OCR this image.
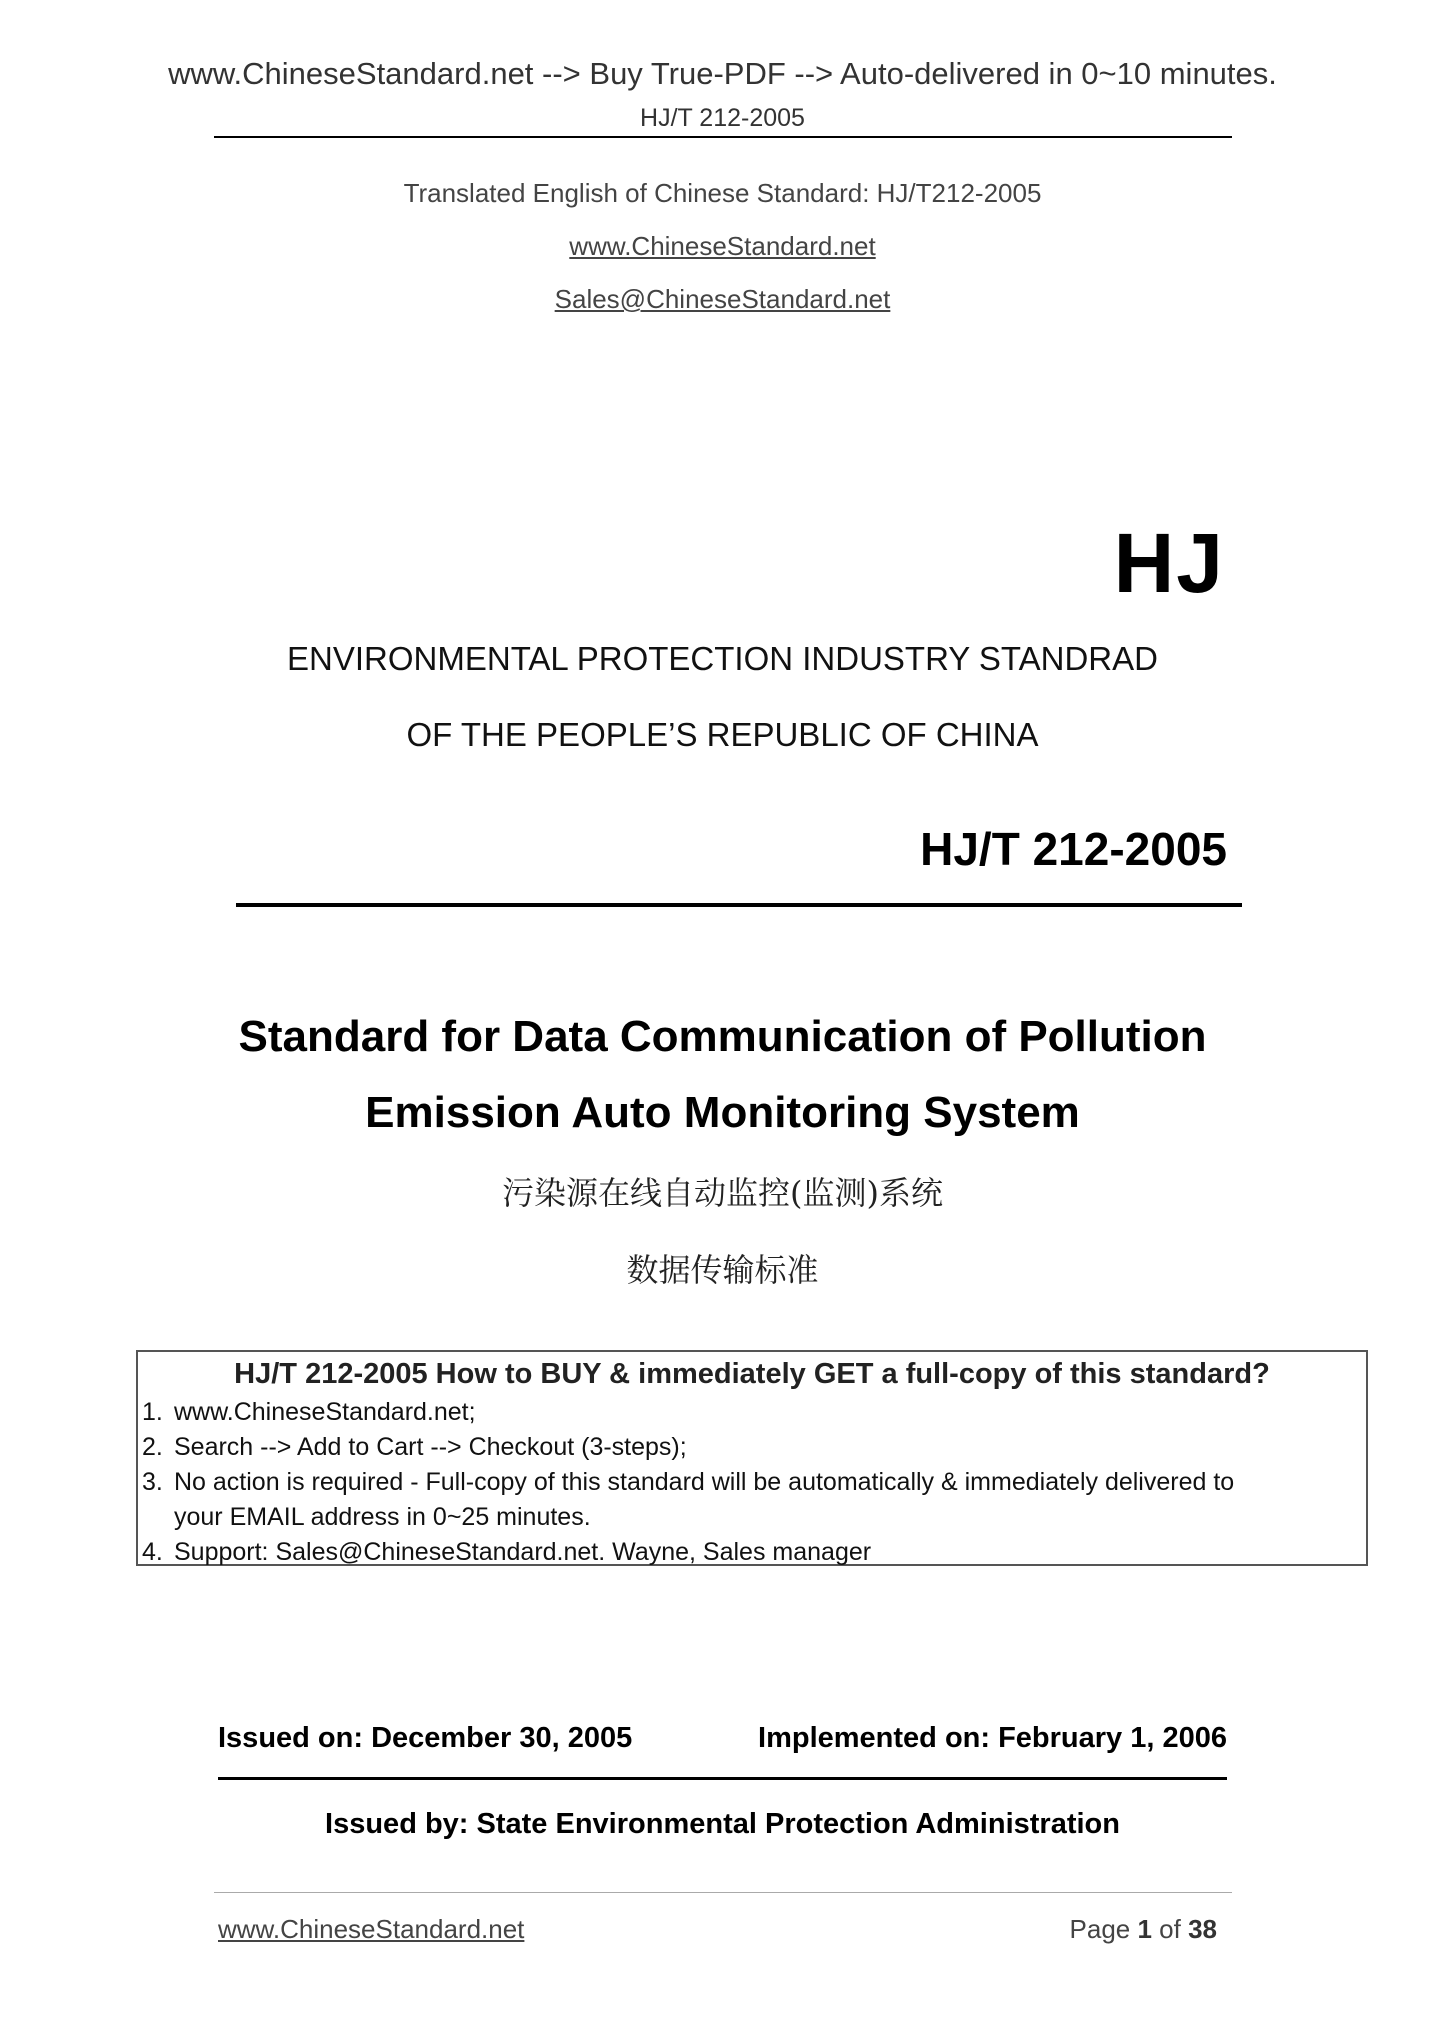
www.ChineseStandard.net --> Buy True-PDF --> Auto-delivered in 0~10 minutes.
HJ/T 212-2005
Translated English of Chinese Standard: HJ/T212-2005
www.ChineseStandard.net
Sales@ChineseStandard.net
HJ
ENVIRONMENTAL PROTECTION INDUSTRY STANDRAD
OF THE PEOPLE’S REPUBLIC OF CHINA
HJ/T 212-2005
Standard for Data Communication of Pollution
Emission Auto Monitoring System
污染源在线自动监控(监测)系统
数据传输标准
HJ/T 212-2005 How to BUY & immediately GET a full-copy of this standard?
1. www.ChineseStandard.net;
2. Search --> Add to Cart --> Checkout (3-steps);
3. No action is required - Full-copy of this standard will be automatically & immediately delivered to
your EMAIL address in 0~25 minutes.
4. Support: Sales@ChineseStandard.net. Wayne, Sales manager
Issued on: December 30, 2005	Implemented on: February 1, 2006
Issued by: State Environmental Protection Administration
www.ChineseStandard.net	Page 1 of 38
